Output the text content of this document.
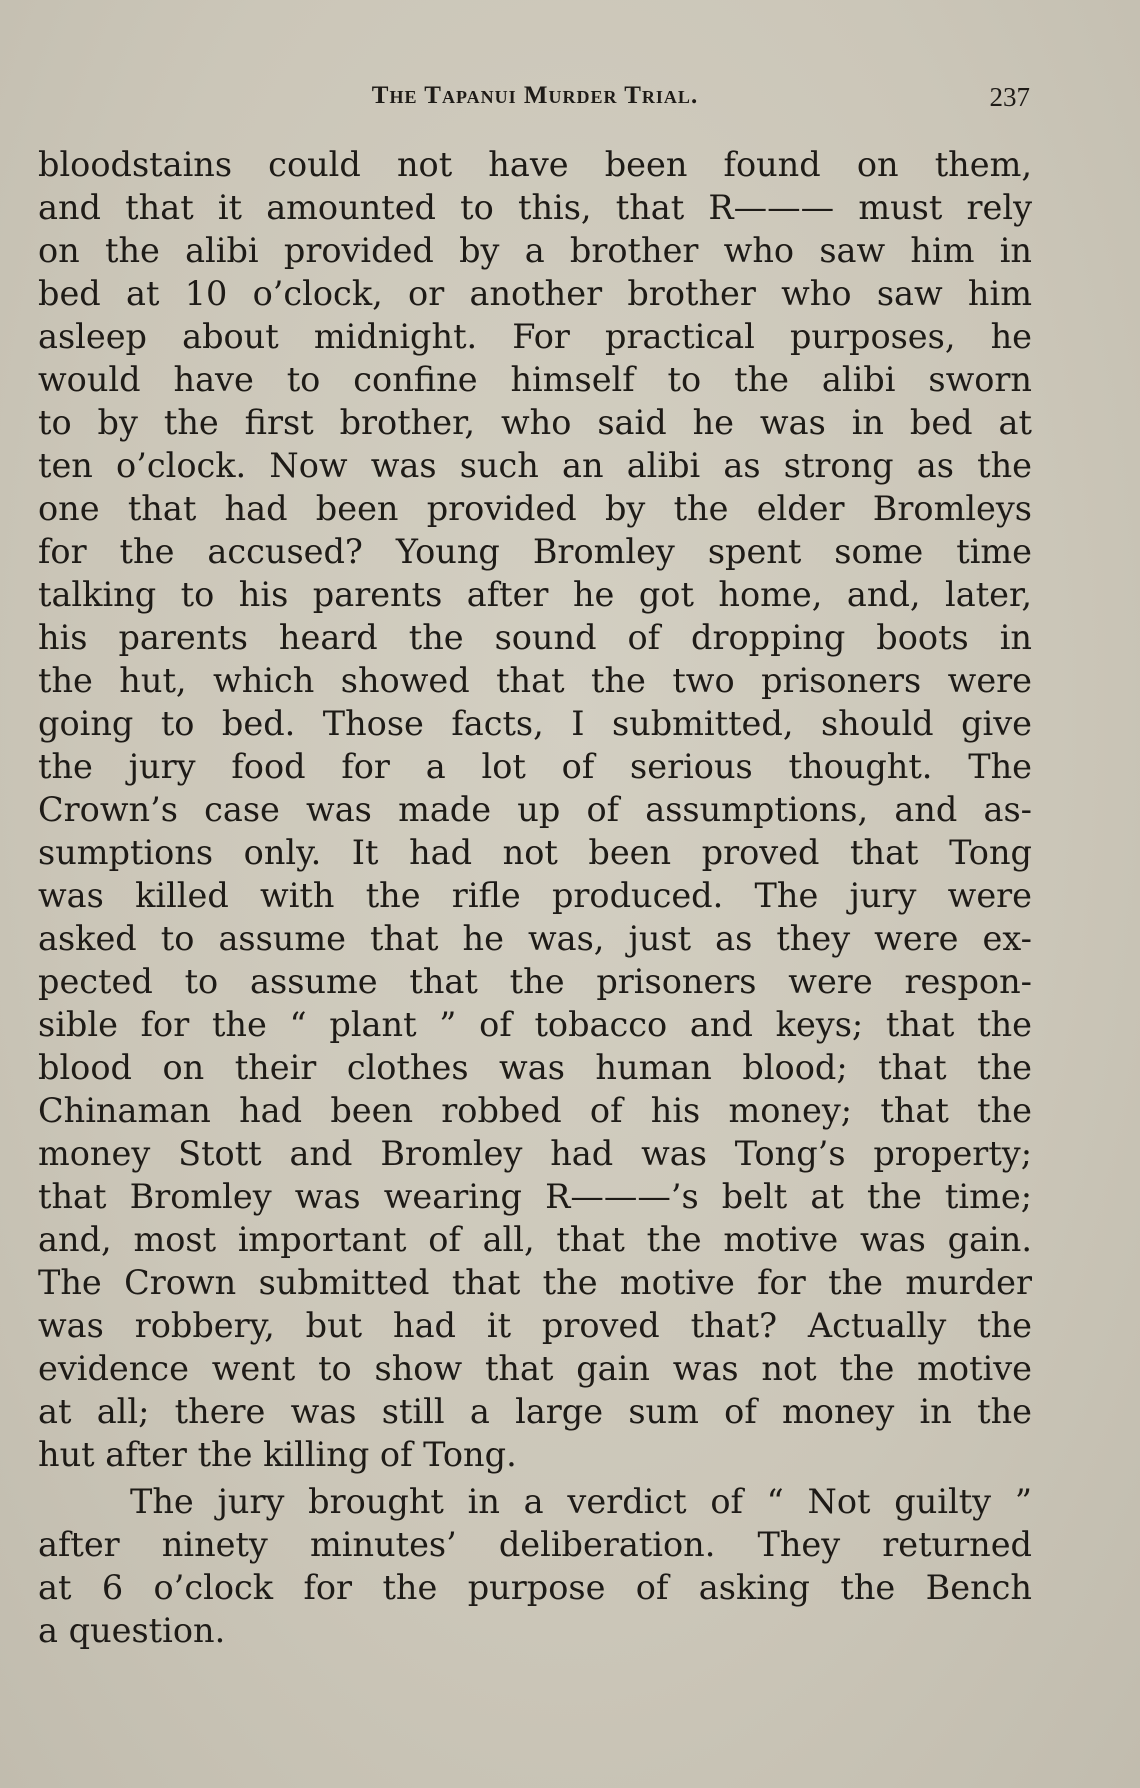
The Tapanui Murder Trial.	237
bloodstains could not have been found on them,
and that it amounted to this, that R——— must rely
on the alibi provided by a brother who saw him in
bed at 10 o’clock, or another brother who saw him
asleep about midnight. For practical purposes, he
would have to confine himself to the alibi sworn
to by the first brother, who said he was in bed at
ten o’clock. Now was such an alibi as strong as the
one that had been provided by the elder Bromleys
for the accused? Young Bromley spent some time
talking to his parents after he got home, and, later,
his parents heard the sound of dropping boots in
the hut, which showed that the two prisoners were
going to bed. Those facts, I submitted, should give
the jury food for a lot of serious thought. The
Crown’s case was made up of assumptions, and as-
sumptions only. It had not been proved that Tong
was killed with the rifle produced. The jury were
asked to assume that he was, just as they were ex-
pected to assume that the prisoners were respon-
sible for the “ plant ” of tobacco and keys; that the
blood on their clothes was human blood; that the
Chinaman had been robbed of his money; that the
money Stott and Bromley had was Tong’s property;
that Bromley was wearing R———’s belt at the time;
and, most important of all, that the motive was gain.
The Crown submitted that the motive for the murder
was robbery, but had it proved that? Actually the
evidence went to show that gain was not the motive
at all; there was still a large sum of money in the
hut after the killing of Tong.
The jury brought in a verdict of “ Not guilty ”
after ninety minutes’ deliberation. They returned
at 6 o’clock for the purpose of asking the Bench
a question.
